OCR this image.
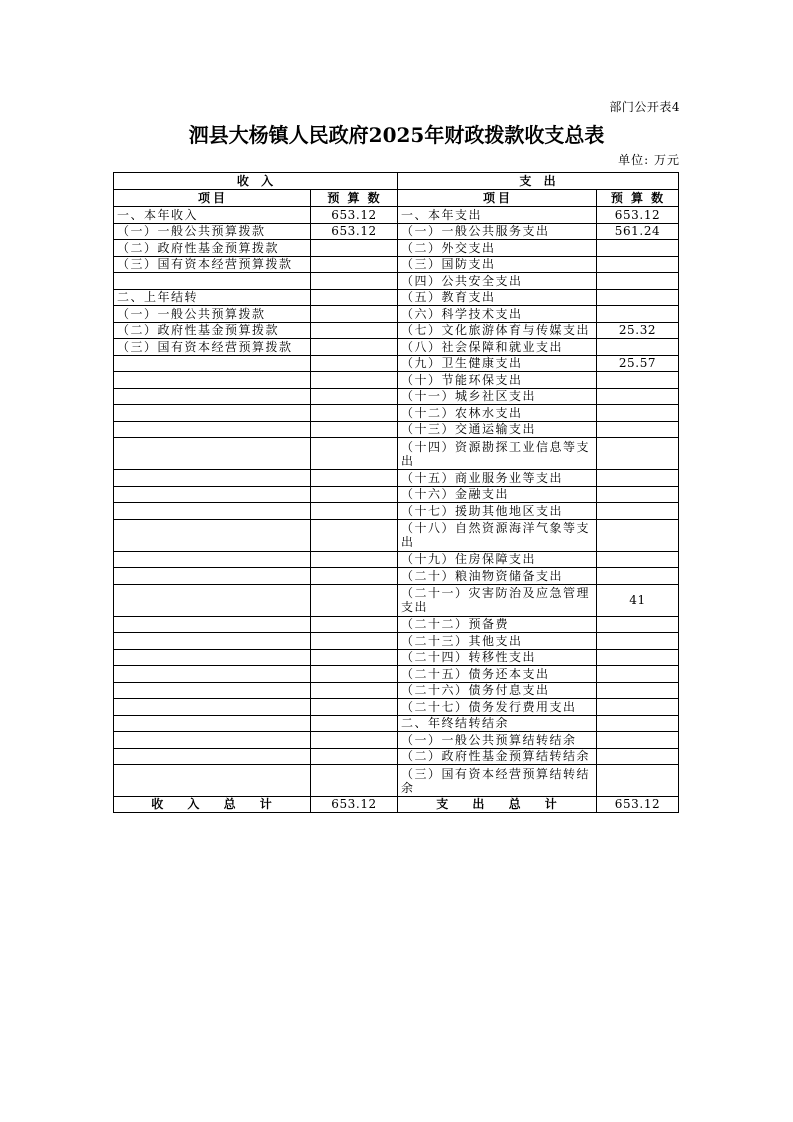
部门公开表4
泗县大杨镇人民政府2025年财政拨款收支总表
单位: 万元
收 入		支 出	
项目	预 算 数	项目	预 算 数
一、本年收入	653.12	一、本年支出	653.12
（一）一般公共预算拨款	653.12	（一）一般公共服务支出	561.24
（二）政府性基金预算拨款		（二）外交支出	
（三）国有资本经营预算拨款		（三）国防支出	
		（四）公共安全支出	
二、上年结转		（五）教育支出	
（一）一般公共预算拨款		（六）科学技术支出	
（二）政府性基金预算拨款		（七）文化旅游体育与传媒支出	25.32
（三）国有资本经营预算拨款		（八）社会保障和就业支出	
		（九）卫生健康支出	25.57
		（十）节能环保支出	
		（十一）城乡社区支出	
		（十二）农林水支出	
		（十三）交通运输支出	
		（十四）资源勘探工业信息等支出	
		（十五）商业服务业等支出	
		（十六）金融支出	
		（十七）援助其他地区支出	
		（十八）自然资源海洋气象等支出	
		（十九）住房保障支出	
		（二十）粮油物资储备支出	
		（二十一）灾害防治及应急管理支出	41
		（二十二）预备费	
		（二十三）其他支出	
		（二十四）转移性支出	
		（二十五）债务还本支出	
		（二十六）债务付息支出	
		（二十七）债务发行费用支出	
		二、年终结转结余	
		（一）一般公共预算结转结余	
		（二）政府性基金预算结转结余	
		（三）国有资本经营预算结转结余	
收 入 总 计	653.12	支 出 总 计	653.12
